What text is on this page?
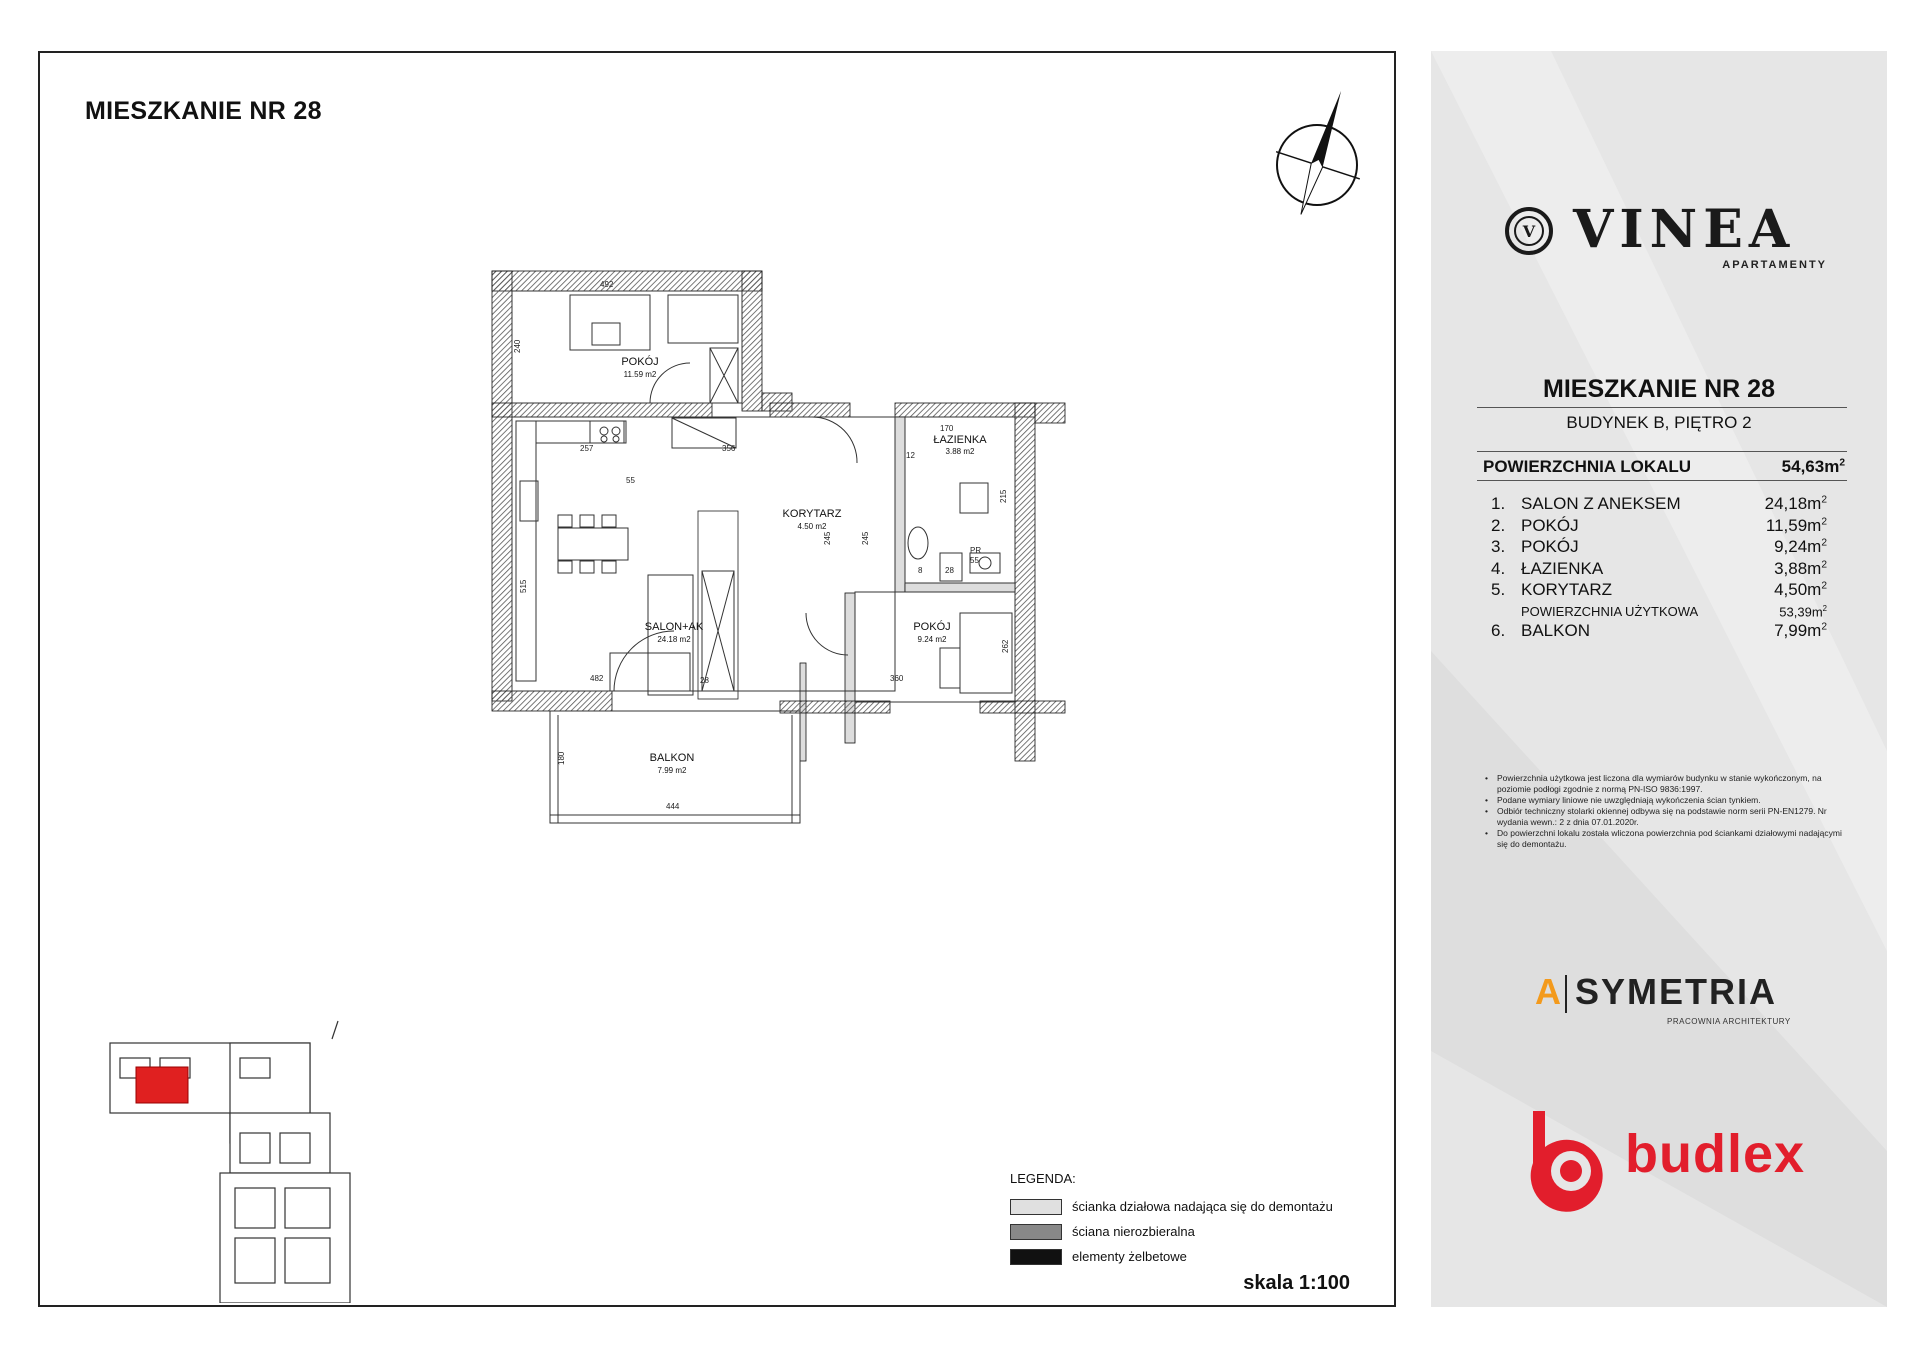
MIESZKANIE NR 28
492
240
257	356
170
55
245	245
515
482	360
262
215
12
PR
55
8	28
180
444
28
POKÓJ
11.59 m2
ŁAZIENKA
3.88 m2
KORYTARZ
4.50 m2
SALON+AK
24.18 m2
POKÓJ
9.24 m2
BALKON
7.99 m2
LEGENDA:
ścianka działowa nadająca się do demontażu
ściana nierozbieralna
elementy żelbetowe
skala 1:100
V VINEA
APARTAMENTY
MIESZKANIE NR 28
BUDYNEK B, PIĘTRO 2
POWIERZCHNIA LOKALU	$54,63m^2$
1. SALON Z ANEKSEM	$24,18m^2$
2. POKÓJ	$11,59m^2$
3. POKÓJ	$9,24m^2$
4. ŁAZIENKA	$3,88m^2$
5. KORYTARZ	$4,50m^2$
POWIERZCHNIA UŻYTKOWA	$53,39m^2$
6. BALKON	$7,99m^2$
• Powierzchnia użytkowa jest liczona dla wymiarów budynku w stanie wykończonym, na poziomie podłogi zgodnie z normą PN-ISO 9836:1997.
• Podane wymiary liniowe nie uwzględniają wykończenia ścian tynkiem.
• Odbiór techniczny stolarki okiennej odbywa się na podstawie norm serii PN-EN1279. Nr wydania wewn.: 2 z dnia 07.01.2020r.
• Do powierzchni lokalu została wliczona powierzchnia pod ściankami działowymi nadającymi się do demontażu.
A SYMETRIA
PRACOWNIA ARCHITEKTURY
budlex
